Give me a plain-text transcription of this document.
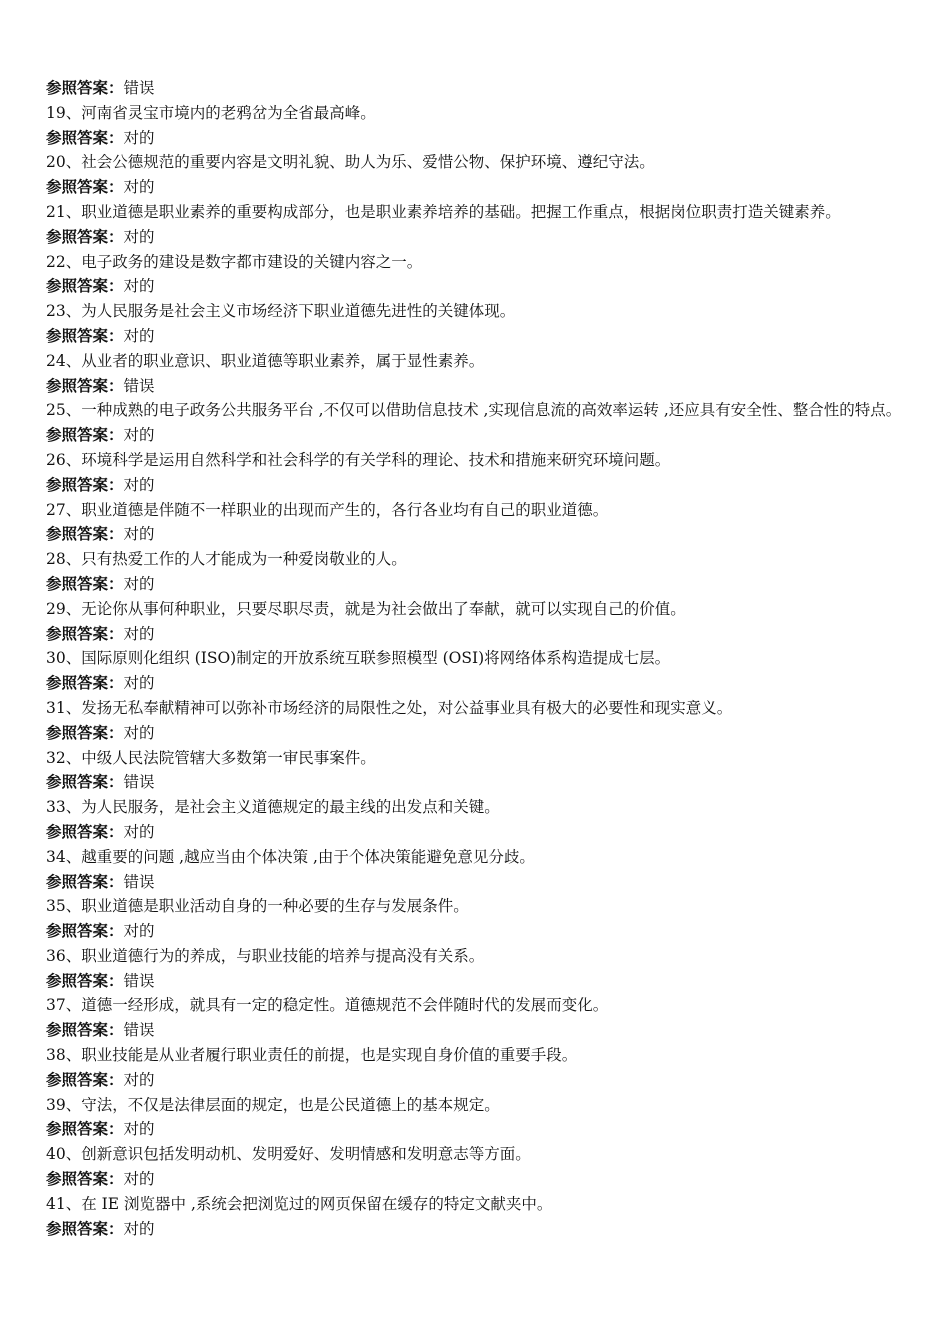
参照答案：错误
19、河南省灵宝市境内的老鸦岔为全省最高峰。
参照答案：对的
20、社会公德规范的重要内容是文明礼貌、助人为乐、爱惜公物、保护环境、遵纪守法。
参照答案：对的
21、职业道德是职业素养的重要构成部分，也是职业素养培养的基础。把握工作重点，根据岗位职责打造关键素养。
参照答案：对的
22、电子政务的建设是数字都市建设的关键内容之一。
参照答案：对的
23、为人民服务是社会主义市场经济下职业道德先进性的关键体现。
参照答案：对的
24、从业者的职业意识、职业道德等职业素养，属于显性素养。
参照答案：错误
25、一种成熟的电子政务公共服务平台 ,不仅可以借助信息技术 ,实现信息流的高效率运转 ,还应具有安全性、整合性的特点。
参照答案：对的
26、环境科学是运用自然科学和社会科学的有关学科的理论、技术和措施来研究环境问题。
参照答案：对的
27、职业道德是伴随不一样职业的出现而产生的，各行各业均有自己的职业道德。
参照答案：对的
28、只有热爱工作的人才能成为一种爱岗敬业的人。
参照答案：对的
29、无论你从事何种职业，只要尽职尽责，就是为社会做出了奉献，就可以实现自己的价值。
参照答案：对的
30、国际原则化组织 (ISO)制定的开放系统互联参照模型 (OSI)将网络体系构造提成七层。
参照答案：对的
31、发扬无私奉献精神可以弥补市场经济的局限性之处，对公益事业具有极大的必要性和现实意义。
参照答案：对的
32、中级人民法院管辖大多数第一审民事案件。
参照答案：错误
33、为人民服务，是社会主义道德规定的最主线的出发点和关键。
参照答案：对的
34、越重要的问题 ,越应当由个体决策 ,由于个体决策能避免意见分歧。
参照答案：错误
35、职业道德是职业活动自身的一种必要的生存与发展条件。
参照答案：对的
36、职业道德行为的养成，与职业技能的培养与提高没有关系。
参照答案：错误
37、道德一经形成，就具有一定的稳定性。道德规范不会伴随时代的发展而变化。
参照答案：错误
38、职业技能是从业者履行职业责任的前提，也是实现自身价值的重要手段。
参照答案：对的
39、守法，不仅是法律层面的规定，也是公民道德上的基本规定。
参照答案：对的
40、创新意识包括发明动机、发明爱好、发明情感和发明意志等方面。
参照答案：对的
41、在 IE 浏览器中 ,系统会把浏览过的网页保留在缓存的特定文献夹中。
参照答案：对的
